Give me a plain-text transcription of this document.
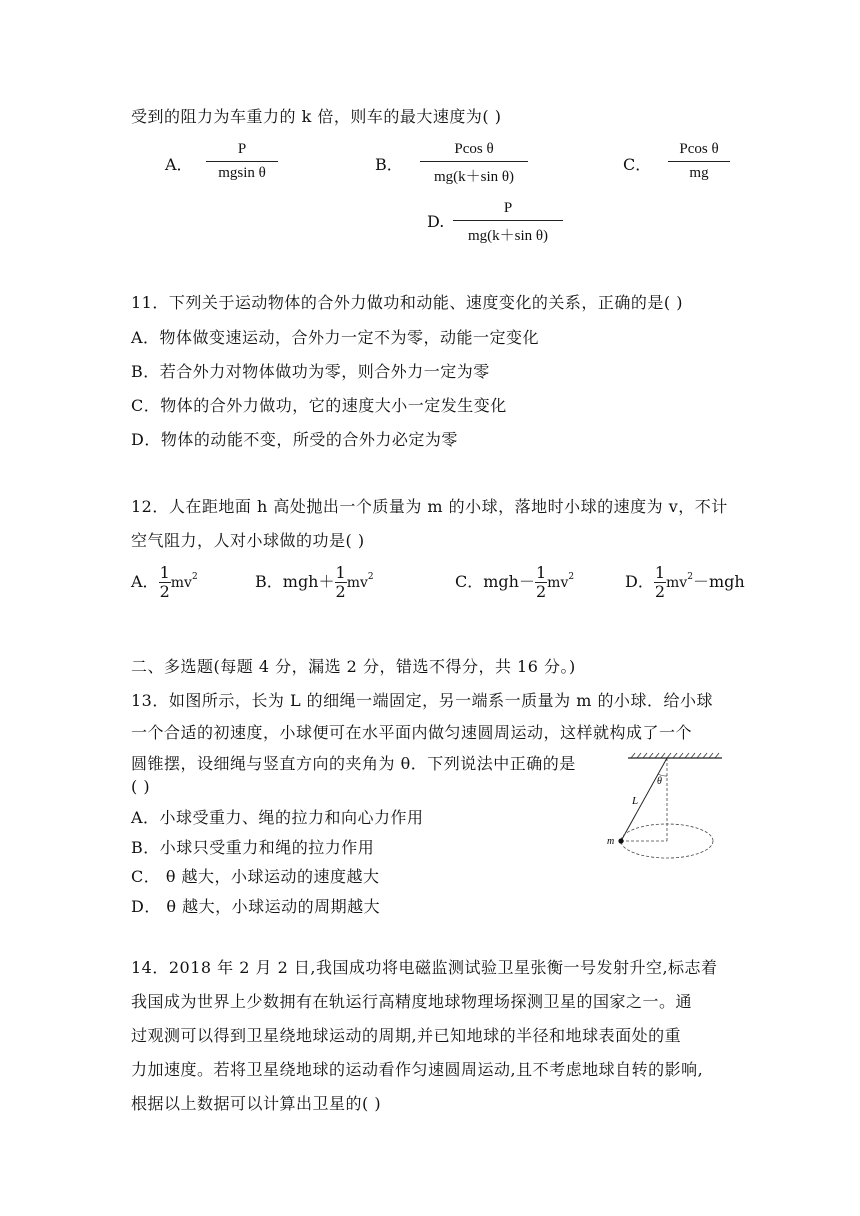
受到的阻力为车重力的 k 倍，则车的最大速度为( )
A． $\frac{P}{\text{mgsin θ}}$	B． $\frac{\text{Pcos θ}}{\text{mg(k＋sin θ)}}$	C． $\frac{\text{Pcos θ}}{mg}$
D. $\frac{P}{\text{mg(k＋sin θ)}}$
11．下列关于运动物体的合外力做功和动能、速度变化的关系，正确的是( )
A．物体做变速运动，合外力一定不为零，动能一定变化
B．若合外力对物体做功为零，则合外力一定为零
C．物体的合外力做功，它的速度大小一定发生变化
D．物体的动能不变，所受的合外力必定为零
12．人在距地面 h 高处抛出一个质量为 m 的小球，落地时小球的速度为 v，不计
空气阻力，人对小球做的功是( )
A． $\frac{1}{2} mv^2$	B．$mgh+ \frac{1}{2} mv^2$	C．$mgh- \frac{1}{2} mv^2$	D． $\frac{1}{2} mv^2-mgh$
二、多选题(每题 4 分，漏选 2 分，错选不得分，共 16 分。)
13．如图所示，长为 L 的细绳一端固定，另一端系一质量为 m 的小球．给小球
一个合适的初速度，小球便可在水平面内做匀速圆周运动，这样就构成了一个
圆锥摆，设细绳与竖直方向的夹角为 θ．下列说法中正确的是
( )
A．小球受重力、绳的拉力和向心力作用
B．小球只受重力和绳的拉力作用
C． θ 越大，小球运动的速度越大
D． θ 越大，小球运动的周期越大
θ
L
m
14．2018 年 2 月 2 日,我国成功将电磁监测试验卫星张衡一号发射升空,标志着
我国成为世界上少数拥有在轨运行高精度地球物理场探测卫星的国家之一。通
过观测可以得到卫星绕地球运动的周期,并已知地球的半径和地球表面处的重
力加速度。若将卫星绕地球的运动看作匀速圆周运动,且不考虑地球自转的影响,
根据以上数据可以计算出卫星的( )
